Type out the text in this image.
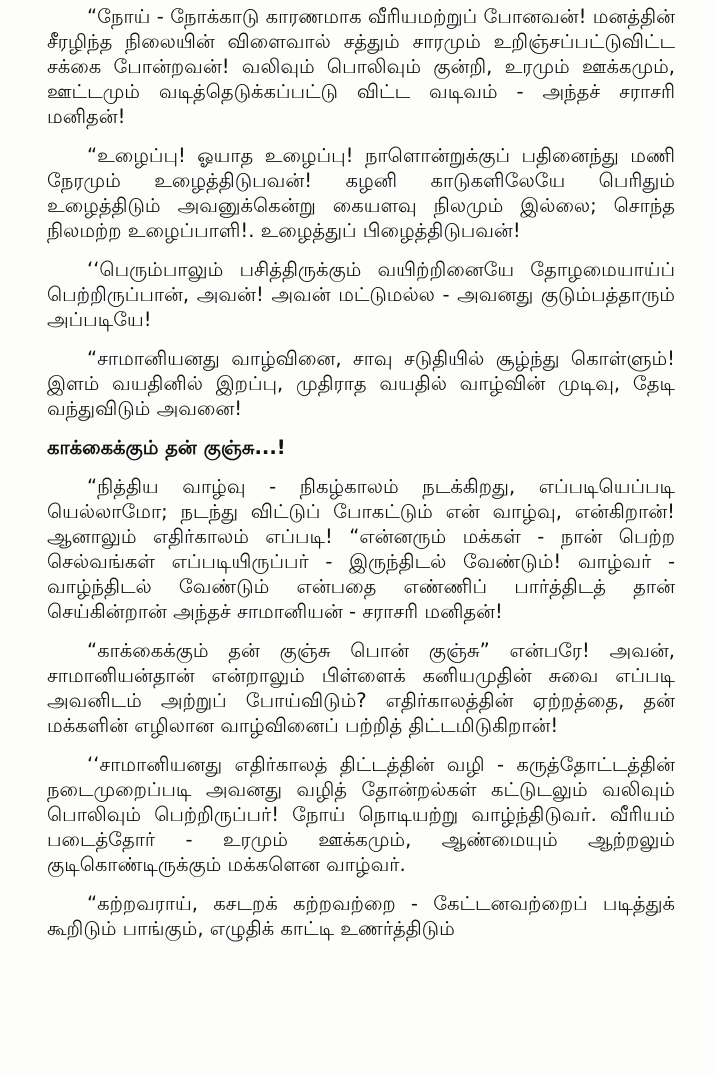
“நோய் - நோக்காடு காரணமாக வீரியமற்றுப் போனவன்! மனத்தின் சீரழிந்த நிலையின் விளைவால் சத்தும் சாரமும் உறிஞ்சப்பட்டுவிட்ட சக்கை போன்றவன்! வலிவும் பொலிவும் குன்றி, உரமும் ஊக்கமும், ஊட்டமும் வடித்தெடுக்கப்பட்டு விட்ட வடிவம் - அந்தச் சராசரி மனிதன்!

“உழைப்பு! ஓயாத உழைப்பு! நாளொன்றுக்குப் பதினைந்து மணி நேரமும் உழைத்திடுபவன்! கழனி காடுகளிலேயே பெரிதும் உழைத்திடும் அவனுக்கென்று கையளவு நிலமும் இல்லை; சொந்த நிலமற்ற உழைப்பாளி!. உழைத்துப் பிழைத்திடுபவன்!

‘‘பெரும்பாலும் பசித்திருக்கும் வயிற்றினையே தோழமையாய்ப் பெற்றிருப்பான், அவன்! அவன் மட்டுமல்ல - அவனது குடும்பத்தாரும் அப்படியே!

“சாமானியனது வாழ்வினை, சாவு சடுதியில் சூழ்ந்து கொள்ளும்! இளம் வயதினில் இறப்பு, முதிராத வயதில் வாழ்வின் முடிவு, தேடி வந்துவிடும் அவனை!

காக்கைக்கும் தன் குஞ்சு...!

“நித்திய வாழ்வு - நிகழ்காலம் நடக்கிறது, எப்படியெப்படி யெல்லாமோ; நடந்து விட்டுப் போகட்டும் என் வாழ்வு, என்கிறான்! ஆனாலும் எதிர்காலம் எப்படி! “என்னரும் மக்கள் - நான் பெற்ற செல்வங்கள் எப்படியிருப்பர் - இருந்திடல் வேண்டும்! வாழ்வர் - வாழ்ந்திடல் வேண்டும் என்பதை எண்ணிப் பார்த்திடத் தான் செய்கின்றான் அந்தச் சாமானியன் - சராசரி மனிதன்!

“காக்கைக்கும் தன் குஞ்சு பொன் குஞ்சு” என்பரே! அவன், சாமானியன்தான் என்றாலும் பிள்ளைக் கனியமுதின் சுவை எப்படி அவனிடம் அற்றுப் போய்விடும்? எதிர்காலத்தின் ஏற்றத்தை, தன் மக்களின் எழிலான வாழ்வினைப் பற்றித் திட்டமிடுகிறான்!

‘‘சாமானியனது எதிர்காலத் திட்டத்தின் வழி - கருத்தோட்டத்தின் நடைமுறைப்படி அவனது வழித் தோன்றல்கள் கட்டுடலும் வலிவும் பொலிவும் பெற்றிருப்பர்! நோய் நொடியற்று வாழ்ந்திடுவர். வீரியம் படைத்தோர் - உரமும் ஊக்கமும், ஆண்மையும் ஆற்றலும் குடிகொண்டிருக்கும் மக்களென வாழ்வர்.

“கற்றவராய், கசடறக் கற்றவற்றை - கேட்டனவற்றைப் படித்துக் கூறிடும் பாங்கும், எழுதிக் காட்டி உணர்த்திடும்
